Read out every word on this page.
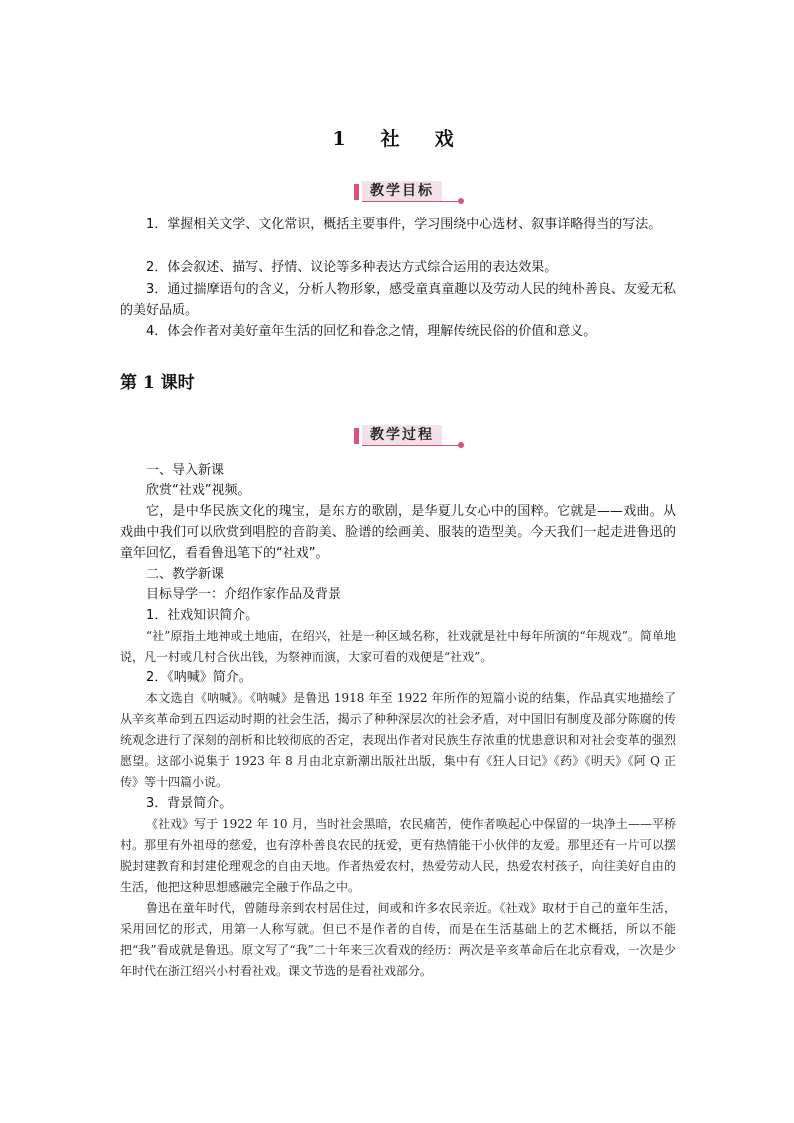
1　社　戏
教学目标
1．掌握相关文学、文化常识，概括主要事件，学习围绕中心选材、叙事详略得当的写法。
2．体会叙述、描写、抒情、议论等多种表达方式综合运用的表达效果。
3．通过揣摩语句的含义，分析人物形象，感受童真童趣以及劳动人民的纯朴善良、友爱无私的美好品质。
4．体会作者对美好童年生活的回忆和眷念之情，理解传统民俗的价值和意义。
第 1 课时
教学过程
一、导入新课
欣赏“社戏”视频。
它，是中华民族文化的瑰宝，是东方的歌剧，是华夏儿女心中的国粹。它就是——戏曲。从戏曲中我们可以欣赏到唱腔的音韵美、脸谱的绘画美、服装的造型美。今天我们一起走进鲁迅的童年回忆，看看鲁迅笔下的“社戏”。
二、教学新课
目标导学一：介绍作家作品及背景
1．社戏知识简介。
“社”原指土地神或土地庙，在绍兴，社是一种区域名称，社戏就是社中每年所演的“年规戏”。简单地说，凡一村或几村合伙出钱，为祭神而演，大家可看的戏便是“社戏”。
2．《呐喊》简介。
本文选自《呐喊》。《呐喊》是鲁迅 1918 年至 1922 年所作的短篇小说的结集，作品真实地描绘了从辛亥革命到五四运动时期的社会生活，揭示了种种深层次的社会矛盾，对中国旧有制度及部分陈腐的传统观念进行了深刻的剖析和比较彻底的否定，表现出作者对民族生存浓重的忧患意识和对社会变革的强烈愿望。这部小说集于 1923 年 8 月由北京新潮出版社出版，集中有《狂人日记》《药》《明天》《阿 Q 正传》等十四篇小说。
3．背景简介。
《社戏》写于 1922 年 10 月，当时社会黑暗，农民痛苦，使作者唤起心中保留的一块净土——平桥村。那里有外祖母的慈爱，也有淳朴善良农民的抚爱，更有热情能干小伙伴的友爱。那里还有一片可以摆脱封建教育和封建伦理观念的自由天地。作者热爱农村，热爱劳动人民，热爱农村孩子，向往美好自由的生活，他把这种思想感融完全融于作品之中。
鲁迅在童年时代，曾随母亲到农村居住过，间或和许多农民亲近。《社戏》取材于自己的童年生活，采用回忆的形式，用第一人称写就。但已不是作者的自传，而是在生活基础上的艺术概括，所以不能把“我”看成就是鲁迅。原文写了“我”二十年来三次看戏的经历：两次是辛亥革命后在北京看戏，一次是少年时代在浙江绍兴小村看社戏。课文节选的是看社戏部分。
